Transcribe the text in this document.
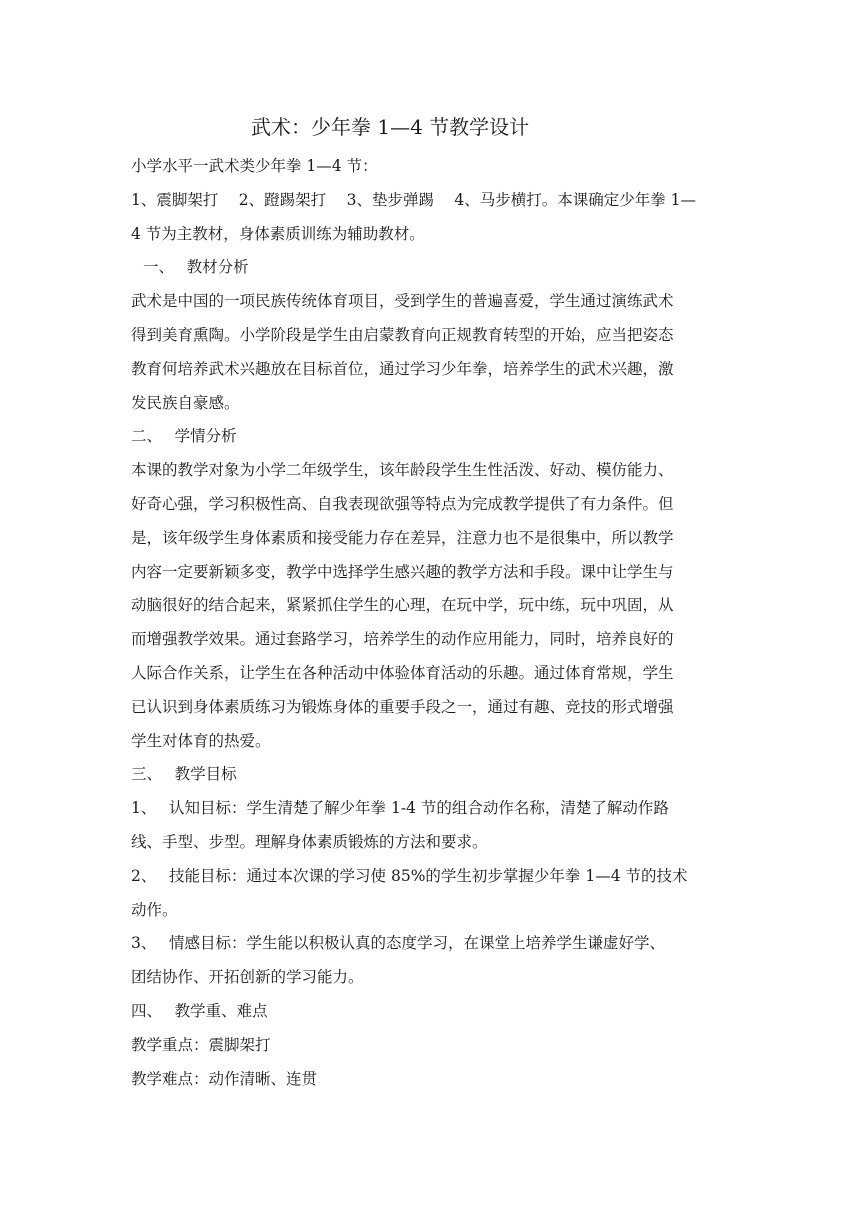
武术：少年拳 1—4 节教学设计
小学水平一武术类少年拳 1—4 节：
1、震脚架打　 2、蹬踢架打　 3、垫步弹踢　 4、马步横打。本课确定少年拳 1—
4 节为主教材，身体素质训练为辅助教材。
一、　 教材分析
武术是中国的一项民族传统体育项目，受到学生的普遍喜爱，学生通过演练武术
得到美育熏陶。小学阶段是学生由启蒙教育向正规教育转型的开始，应当把姿态
教育何培养武术兴趣放在目标首位，通过学习少年拳，培养学生的武术兴趣，激
发民族自豪感。
二、　 学情分析
本课的教学对象为小学二年级学生，该年龄段学生生性活泼、好动、模仿能力、
好奇心强，学习积极性高、自我表现欲强等特点为完成教学提供了有力条件。但
是，该年级学生身体素质和接受能力存在差异，注意力也不是很集中，所以教学
内容一定要新颖多变，教学中选择学生感兴趣的教学方法和手段。课中让学生与
动脑很好的结合起来，紧紧抓住学生的心理，在玩中学，玩中练，玩中巩固，从
而增强教学效果。通过套路学习，培养学生的动作应用能力，同时，培养良好的
人际合作关系，让学生在各种活动中体验体育活动的乐趣。通过体育常规，学生
已认识到身体素质练习为锻炼身体的重要手段之一，通过有趣、竞技的形式增强
学生对体育的热爱。
三、　 教学目标
1、　 认知目标：学生清楚了解少年拳 1-4 节的组合动作名称，清楚了解动作路
线、手型、步型。理解身体素质锻炼的方法和要求。
2、　 技能目标：通过本次课的学习使 85%的学生初步掌握少年拳 1—4 节的技术
动作。
3、　 情感目标：学生能以积极认真的态度学习，在课堂上培养学生谦虚好学、
团结协作、开拓创新的学习能力。
四、　 教学重、难点
教学重点：震脚架打
教学难点：动作清晰、连贯
